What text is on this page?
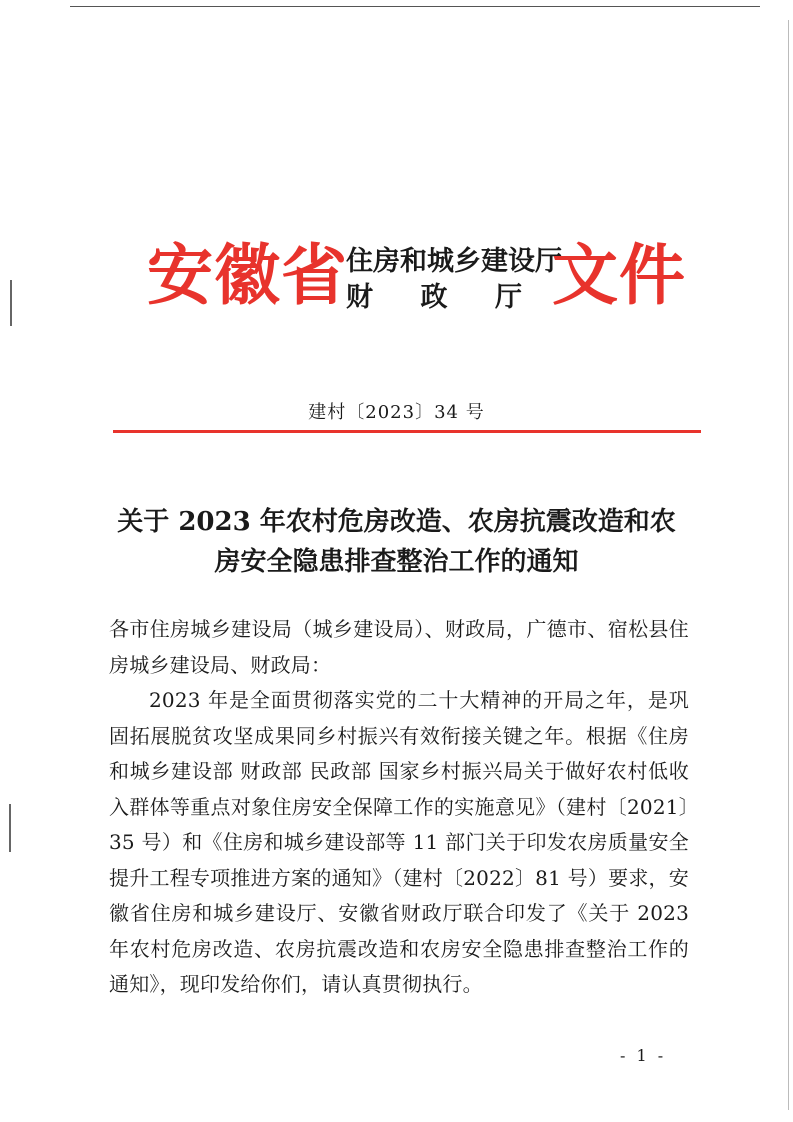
安徽省
住房和城乡建设厅
财 政 厅 文件
建村〔2023〕34 号
关于 2023 年农村危房改造、农房抗震改造和农
房安全隐患排查整治工作的通知

各市住房城乡建设局（城乡建设局）、财政局，广德市、宿松县住房城乡建设局、财政局：

2023 年是全面贯彻落实党的二十大精神的开局之年，是巩固拓展脱贫攻坚成果同乡村振兴有效衔接关键之年。根据《住房和城乡建设部 财政部 民政部 国家乡村振兴局关于做好农村低收入群体等重点对象住房安全保障工作的实施意见》（建村〔2021〕35 号）和《住房和城乡建设部等 11 部门关于印发农房质量安全提升工程专项推进方案的通知》（建村〔2022〕81 号）要求，安徽省住房和城乡建设厅、安徽省财政厅联合印发了《关于 2023 年农村危房改造、农房抗震改造和农房安全隐患排查整治工作的通知》，现印发给你们，请认真贯彻执行。

- 1 -
